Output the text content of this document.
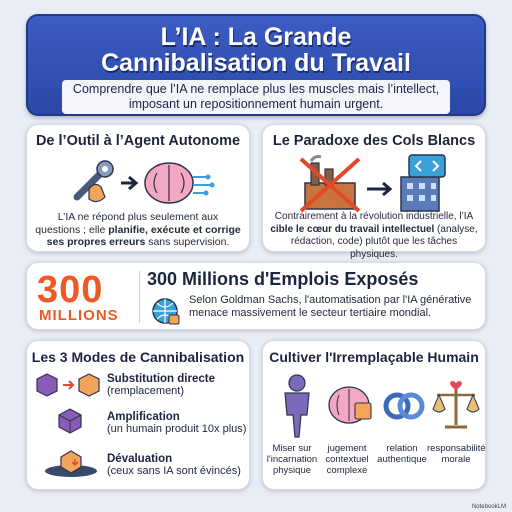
L’IA : La Grande
Cannibalisation du Travail
Comprendre que l’IA ne remplace plus les muscles mais l’intellect,
imposant un repositionnement humain urgent.
De l’Outil à l’Agent Autonome
L’IA ne répond plus seulement aux
questions ; elle planifie, exécute et corrige
ses propres erreurs sans supervision.
Le Paradoxe des Cols Blancs
Contrairement à la révolution industrielle, l’IA
cible le cœur du travail intellectuel (analyse,
rédaction, code) plutôt que les tâches physiques.
300
MILLIONS
300 Millions d'Emplois Exposés
Selon Goldman Sachs, l'automatisation par l'IA générative
menace massivement le secteur tertiaire mondial.
Les 3 Modes de Cannibalisation
Substitution directe
(remplacement)
Amplification
(un humain produit 10x plus)
Dévaluation
(ceux sans IA sont évincés)
Cultiver l'Irremplaçable Humain
Miser sur
l'incarnation
physique
jugement
contextuel
complexe
relation
authentique
responsabilité
morale
NotebookLM
